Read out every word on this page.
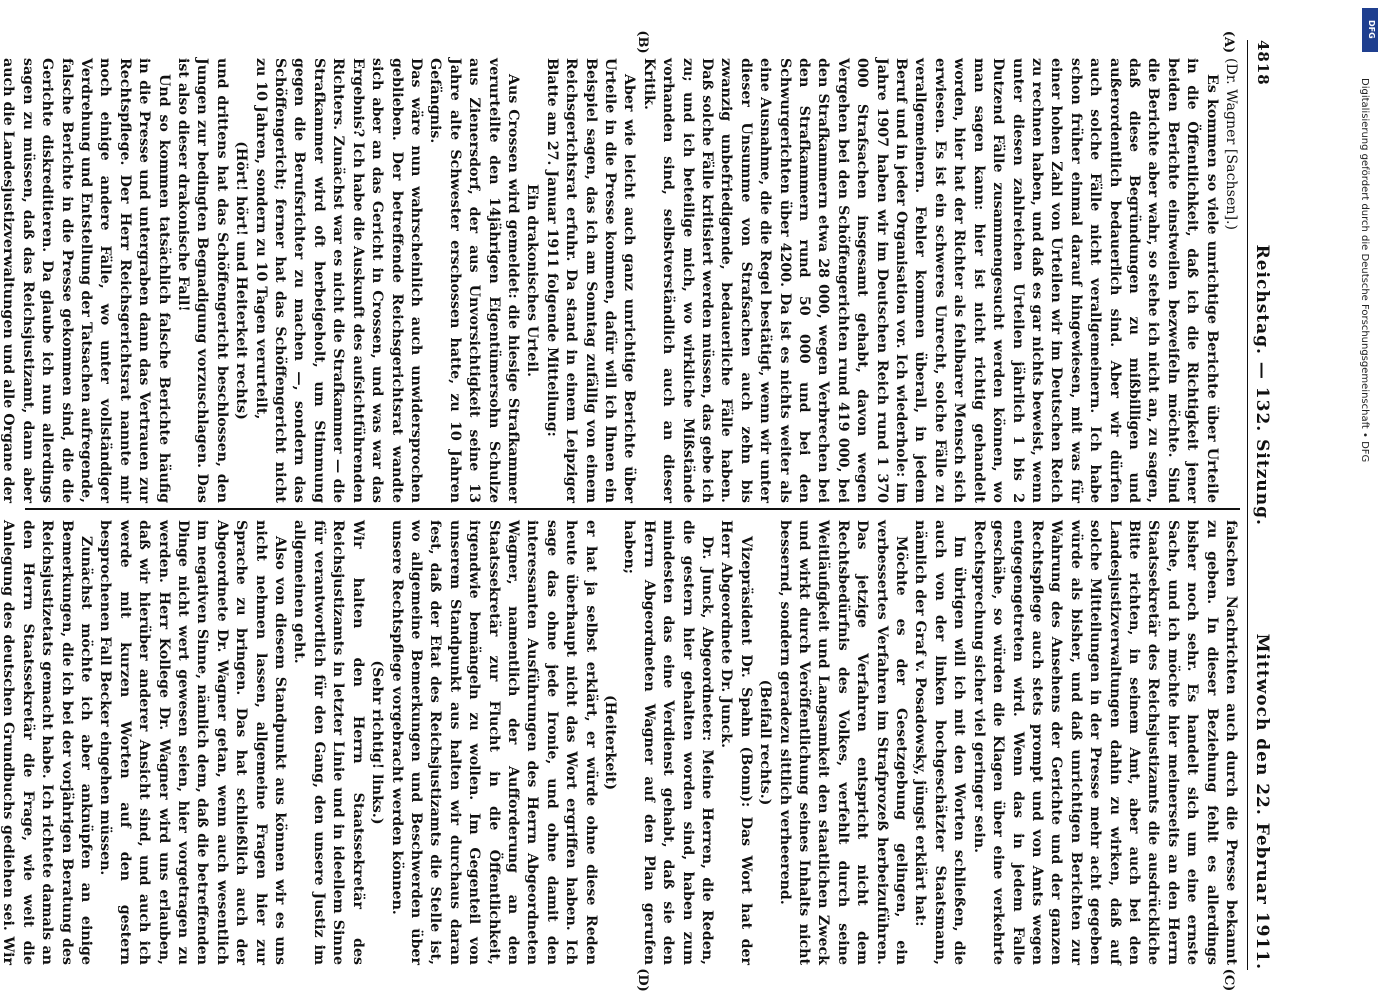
4818
Reichstag. — 132. Sitzung.
Mittwoch den 22. Februar 1911.
(A)
(B)
(C)
(D)

(Dr. Wagner [Sachsen].)

Es kommen so viele unrichtige Berichte über Urteile in die Öffentlichkeit, daß ich die Richtigkeit jener beiden Berichte einstweilen bezweifeln möchte. Sind die Berichte aber wahr, so stehe ich nicht an, zu sagen, daß diese Begründungen zu mißbilligen und außerordentlich bedauerlich sind. Aber wir dürfen auch solche Fälle nicht verallgemeinern. Ich habe schon früher einmal darauf hingewiesen, mit was für einer hohen Zahl von Urteilen wir im Deutschen Reich zu rechnen haben, und daß es gar nichts beweist, wenn unter diesen zahlreichen Urteilen jährlich 1 bis 2 Dutzend Fälle zusammengesucht werden können, wo man sagen kann: hier ist nicht richtig gehandelt worden, hier hat der Richter als fehlbarer Mensch sich erwiesen. Es ist ein schweres Unrecht, solche Fälle zu verallgemeinern. Fehler kommen überall, in jedem Beruf und in jeder Organisation vor. Ich wiederhole: im Jahre 1907 haben wir im Deutschen Reich rund 1 370 000 Strafsachen insgesamt gehabt, davon wegen Vergehen bei den Schöffengerichten rund 419 000, bei den Strafkammern etwa 28 000, wegen Verbrechen bei den Strafkammern rund 50 000 und bei den Schwurgerichten über 4200. Da ist es nichts weiter als eine Ausnahme, die die Regel bestätigt, wenn wir unter dieser Unsumme von Strafsachen auch zehn bis zwanzig unbefriedigende, bedauerliche Fälle haben. Daß solche Fälle kritisiert werden müssen, das gebe ich zu; und ich beteilige mich, wo wirkliche Mißstände vorhanden sind, selbstverständlich auch an dieser Kritik.

Aber wie leicht auch ganz unrichtige Berichte über Urteile in die Presse kommen, dafür will ich Ihnen ein Beispiel sagen, das ich am Sonntag zufällig von einem Reichsgerichtsrat erfuhr. Da stand in einem Leipziger Blatte am 27. Januar 1911 folgende Mitteilung:

Ein drakonisches Urteil.

Aus Crossen wird gemeldet: die hiesige Strafkammer verurteilte den 14jährigen Eigentümersohn Schulze aus Zienersdorf, der aus Unvorsichtigkeit seine 13 Jahre alte Schwester erschossen hatte, zu 10 Jahren Gefängnis.

Das wäre nun wahrscheinlich auch unwidersprochen geblieben. Der betreffende Reichsgerichtsrat wandte sich aber an das Gericht in Crossen, und was war das Ergebnis? Ich habe die Auskunft des aufsichtführenden Richters. Zunächst war es nicht die Strafkammer — die Strafkammer wird oft herbeigeholt, um Stimmung gegen die Berufsrichter zu machen —, sondern das Schöffengericht; ferner hat das Schöffengericht nicht zu 10 Jahren, sondern zu 10 Tagen verurteilt,

(Hört! hört! und Heiterkeit rechts)

und drittens hat das Schöffengericht beschlossen, den Jungen zur bedingten Begnadigung vorzuschlagen. Das ist also dieser drakonische Fall!

Und so kommen tatsächlich falsche Berichte häufig in die Presse und untergraben dann das Vertrauen zur Rechtspflege. Der Herr Reichsgerichtsrat nannte mir noch einige andere Fälle, wo unter vollständiger Verdrehung und Entstellung der Tatsachen aufregende, falsche Berichte in die Presse gekommen sind, die die Gerichte diskreditieren. Da glaube ich nun allerdings sagen zu müssen, daß das Reichsjustizamt, dann aber auch die Landesjustizverwaltungen und alle Organe der

falschen Nachrichten auch durch die Presse bekannt zu geben. In dieser Beziehung fehlt es allerdings bisher noch sehr. Es handelt sich um eine ernste Sache, und ich möchte hier meinerseits an den Herrn Staatssekretär des Reichsjustizamts die ausdrückliche Bitte richten, in seinem Amt, aber auch bei den Landesjustizverwaltungen dahin zu wirken, daß auf solche Mitteilungen in der Presse mehr acht gegeben würde als bisher, und daß unrichtigen Berichten zur Wahrung des Ansehens der Gerichte und der ganzen Rechtspflege auch stets prompt und von Amts wegen entgegengetreten wird. Wenn das in jedem Falle geschähe, so würden die Klagen über eine verkehrte Rechtsprechung sicher viel geringer sein.

Im übrigen will ich mit den Worten schließen, die auch von der linken hochgeschätzter Staatsmann, nämlich der Graf v. Posadowsky, jüngst erklärt hat:

Möchte es der Gesetzgebung gelingen, ein verbessertes Verfahren im Strafprozeß herbeizuführen. Das jetzige Verfahren entspricht nicht dem Rechtsbedürfnis des Volkes, verfehlt durch seine Weitläufigkeit und Langsamkeit den staatlichen Zweck und wirkt durch Veröffentlichung seines Inhalts nicht bessernd, sondern geradezu sittlich verheerend.

(Beifall rechts.)

Vizepräsident Dr. Spahn (Bonn): Das Wort hat der Herr Abgeordnete Dr. Junck.

Dr. Junck, Abgeordneter: Meine Herren, die Reden, die gestern hier gehalten worden sind, haben zum mindesten das eine Verdienst gehabt, daß sie den Herrn Abgeordneten Wagner auf den Plan gerufen haben;

(Heiterkeit)

er hat ja selbst erklärt, er würde ohne diese Reden heute überhaupt nicht das Wort ergriffen haben. Ich sage das ohne jede Ironie, und ohne damit den interessanten Ausführungen des Herrn Abgeordneten Wagner, namentlich der Aufforderung an den Staatssekretär zur Flucht in die Öffentlichkeit, irgendwie bemängeln zu wollen. Im Gegenteil von unserem Standpunkt aus halten wir durchaus daran fest, daß der Etat des Reichsjustizamts die Stelle ist, wo allgemeine Bemerkungen und Beschwerden über unsere Rechtspflege vorgebracht werden können.

(Sehr richtig! links.)

Wir halten den Herrn Staatssekretär des Reichsjustizamts in letzter Linie und in ideellem Sinne für verantwortlich für den Gang, den unsere Justiz im allgemeinen geht.

Also von diesem Standpunkt aus können wir es uns nicht nehmen lassen, allgemeine Fragen hier zur Sprache zu bringen. Das hat schließlich auch der Abgeordnete Dr. Wagner getan, wenn auch wesentlich im negativen Sinne, nämlich dem, daß die betreffenden Dinge nicht wert gewesen seien, hier vorgetragen zu werden. Herr Kollege Dr. Wagner wird uns erlauben, daß wir hierüber anderer Ansicht sind, und auch ich werde mit kurzen Worten auf den gestern besprochenen Fall Becker eingehen müssen.

Zunächst möchte ich aber anknüpfen an einige Bemerkungen, die ich bei der vorjährigen Beratung des Reichsjustizetats gemacht habe. Ich richtete damals an den Herrn Staatssekretär die Frage, wie weit die Anlegung des deutschen Grundbuchs gediehen sei. Wir

DFG
Digitalisierung gefördert durch die Deutsche Forschungsgemeinschaft • DFG
